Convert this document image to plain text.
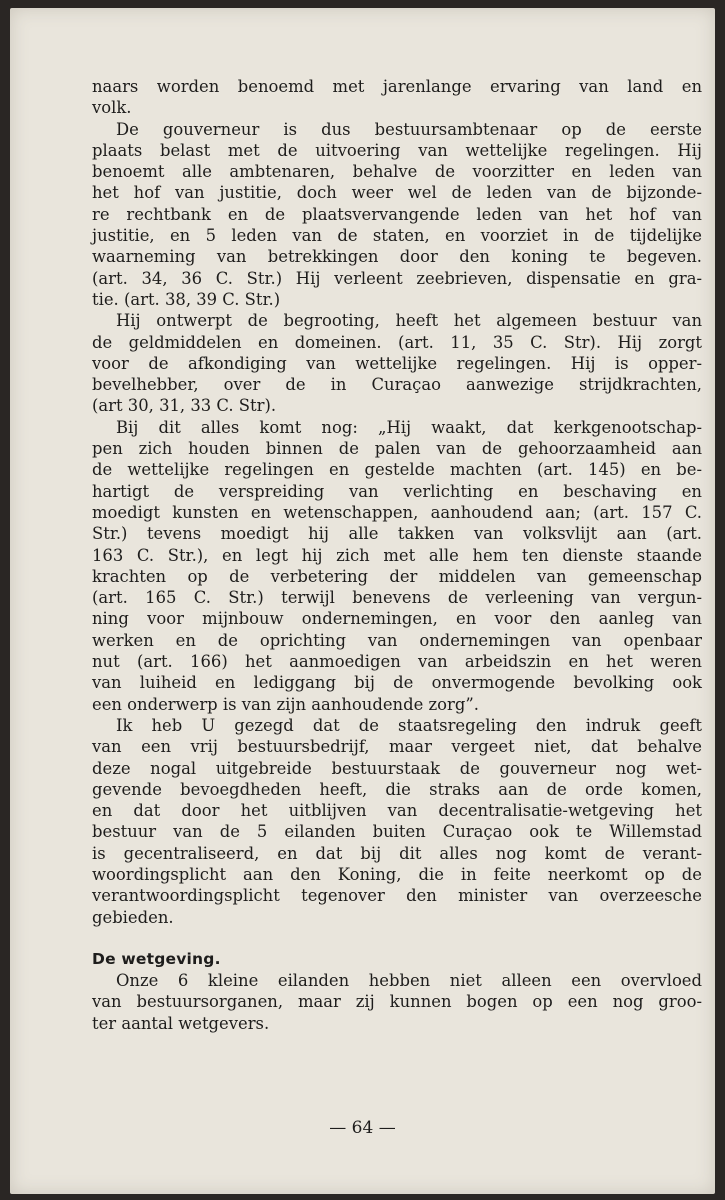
naars worden benoemd met jarenlange ervaring van land en
volk.
De gouverneur is dus bestuursambtenaar op de eerste
plaats belast met de uitvoering van wettelijke regelingen. Hij
benoemt alle ambtenaren, behalve de voorzitter en leden van
het hof van justitie, doch weer wel de leden van de bijzonde-
re rechtbank en de plaatsvervangende leden van het hof van
justitie, en 5 leden van de staten, en voorziet in de tijdelijke
waarneming van betrekkingen door den koning te begeven.
(art. 34, 36 C. Str.) Hij verleent zeebrieven, dispensatie en gra-
tie. (art. 38, 39 C. Str.)
Hij ontwerpt de begrooting, heeft het algemeen bestuur van
de geldmiddelen en domeinen. (art. 11, 35 C. Str). Hij zorgt
voor de afkondiging van wettelijke regelingen. Hij is opper-
bevelhebber, over de in Curaçao aanwezige strijdkrachten,
(art 30, 31, 33 C. Str).
Bij dit alles komt nog: „Hij waakt, dat kerkgenootschap-
pen zich houden binnen de palen van de gehoorzaamheid aan
de wettelijke regelingen en gestelde machten (art. 145) en be-
hartigt de verspreiding van verlichting en beschaving en
moedigt kunsten en wetenschappen, aanhoudend aan; (art. 157 C.
Str.) tevens moedigt hij alle takken van volksvlijt aan (art.
163 C. Str.), en legt hij zich met alle hem ten dienste staande
krachten op de verbetering der middelen van gemeenschap
(art. 165 C. Str.) terwijl benevens de verleening van vergun-
ning voor mijnbouw ondernemingen, en voor den aanleg van
werken en de oprichting van ondernemingen van openbaar
nut (art. 166) het aanmoedigen van arbeidszin en het weren
van luiheid en lediggang bij de onvermogende bevolking ook
een onderwerp is van zijn aanhoudende zorg”.
Ik heb U gezegd dat de staatsregeling den indruk geeft
van een vrij bestuursbedrijf, maar vergeet niet, dat behalve
deze nogal uitgebreide bestuurstaak de gouverneur nog wet-
gevende bevoegdheden heeft, die straks aan de orde komen,
en dat door het uitblijven van decentralisatie-wetgeving het
bestuur van de 5 eilanden buiten Curaçao ook te Willemstad
is gecentraliseerd, en dat bij dit alles nog komt de verant-
woordingsplicht aan den Koning, die in feite neerkomt op de
verantwoordingsplicht tegenover den minister van overzeesche
gebieden.
De wetgeving.
Onze 6 kleine eilanden hebben niet alleen een overvloed
van bestuursorganen, maar zij kunnen bogen op een nog groo-
ter aantal wetgevers.
— 64 —
